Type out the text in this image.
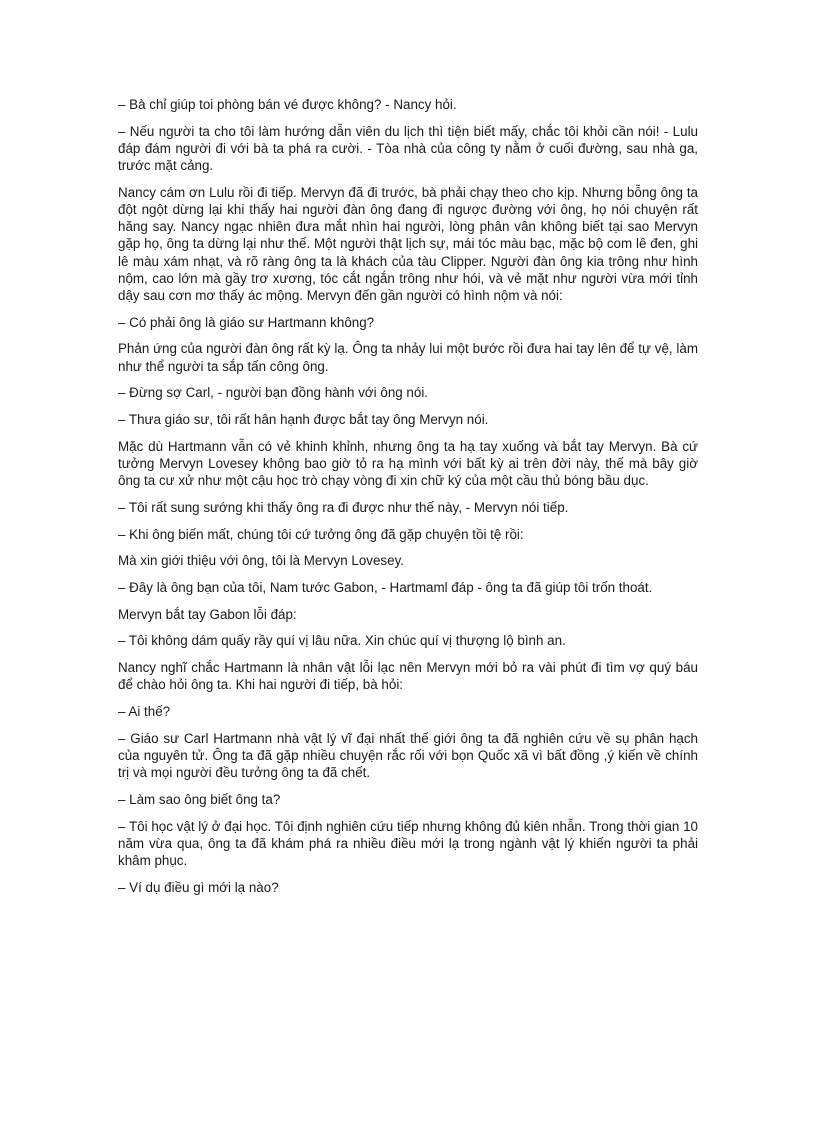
– Bà chỉ giúp toi phòng bán vé được không? - Nancy hỏi.

– Nếu người ta cho tôi làm hướng dẫn viên du lịch thì tiện biết mấy, chắc tôi khỏi cần nói! - Lulu đáp đám người đi với bà ta phá ra cười. - Tòa nhà của công ty nằm ở cuối đường, sau nhà ga, trước mặt cảng.

Nancy cám ơn Lulu rồi đi tiếp. Mervyn đã đi trước, bà phải chạy theo cho kịp. Nhưng bỗng ông ta đột ngột dừng lại khi thấy hai người đàn ông đang đi ngược đường với ông, họ nói chuyện rất hăng say. Nancy ngạc nhiên đưa mắt nhìn hai người, lòng phân vân không biết tại sao Mervyn gặp họ, ông ta dừng lại như thế. Một người thật lịch sự, mái tóc màu bạc, mặc bộ com lê đen, ghi lê màu xám nhạt, và rõ ràng ông ta là khách của tàu Clipper. Người đàn ông kia trông như hình nộm, cao lớn mà gầy trơ xương, tóc cắt ngắn trông như hói, và vẻ mặt như người vừa mới tỉnh dậy sau cơn mơ thấy ác mộng. Mervyn đến gần người có hình nộm và nói:

– Có phải ông là giáo sư Hartmann không?

Phản ứng của người đàn ông rất kỳ lạ. Ông ta nhảy lui một bước rồi đưa hai tay lên để tự vệ, làm như thể người ta sắp tấn công ông.

– Đừng sợ Carl, - người bạn đồng hành với ông nói.

– Thưa giáo sư, tôi rất hân hạnh được bắt tay ông Mervyn nói.

Mặc dù Hartmann vẫn có vẻ khinh khỉnh, nhưng ông ta hạ tay xuống và bắt tay Mervyn. Bà cứ tưởng Mervyn Lovesey không bao giờ tỏ ra hạ mình với bất kỳ ai trên đời này, thế mà bây giờ ông ta cư xử như một cậu học trò chạy vòng đi xin chữ ký của một cầu thủ bóng bầu dục.

– Tôi rất sung sướng khi thấy ông ra đi được như thế này, - Mervyn nói tiếp.

– Khi ông biến mất, chúng tôi cứ tưởng ông đã gặp chuyện tồi tệ rồi:

Mà xin giới thiệu với ông, tôi là Mervyn Lovesey.

– Đây là ông bạn của tôi, Nam tước Gabon, - Hartmaml đáp - ông ta đã giúp tôi trốn thoát.

Mervyn bắt tay Gabon lỗi đáp:

– Tôi không dám quấy rầy quí vị lâu nữa. Xin chúc quí vị thượng lộ bình an.

Nancy nghĩ chắc Hartmann là nhân vật lỗi lạc nên Mervyn mới bỏ ra vài phút đi tìm vợ quý báu để chào hỏi ông ta. Khi hai người đi tiếp, bà hỏi:

– Ai thế?

– Giáo sư Carl Hartmann nhà vật lý vĩ đại nhất thế giới ông ta đã nghiên cứu về sụ phân hạch của nguyên tử. Ông ta đã gặp nhiều chuyện rắc rối với bọn Quốc xã vì bất đồng ,ý kiến về chính trị và mọi người đều tưởng ông ta đã chết.

– Làm sao ông biết ông ta?

– Tôi học vật lý ở đại học. Tôi định nghiên cứu tiếp nhưng không đủ kiên nhẫn. Trong thời gian 10 năm vừa qua, ông ta đã khám phá ra nhiều điều mới lạ trong ngành vật lý khiến người ta phải khâm phục.

– Ví dụ điều gì mới lạ nào?
